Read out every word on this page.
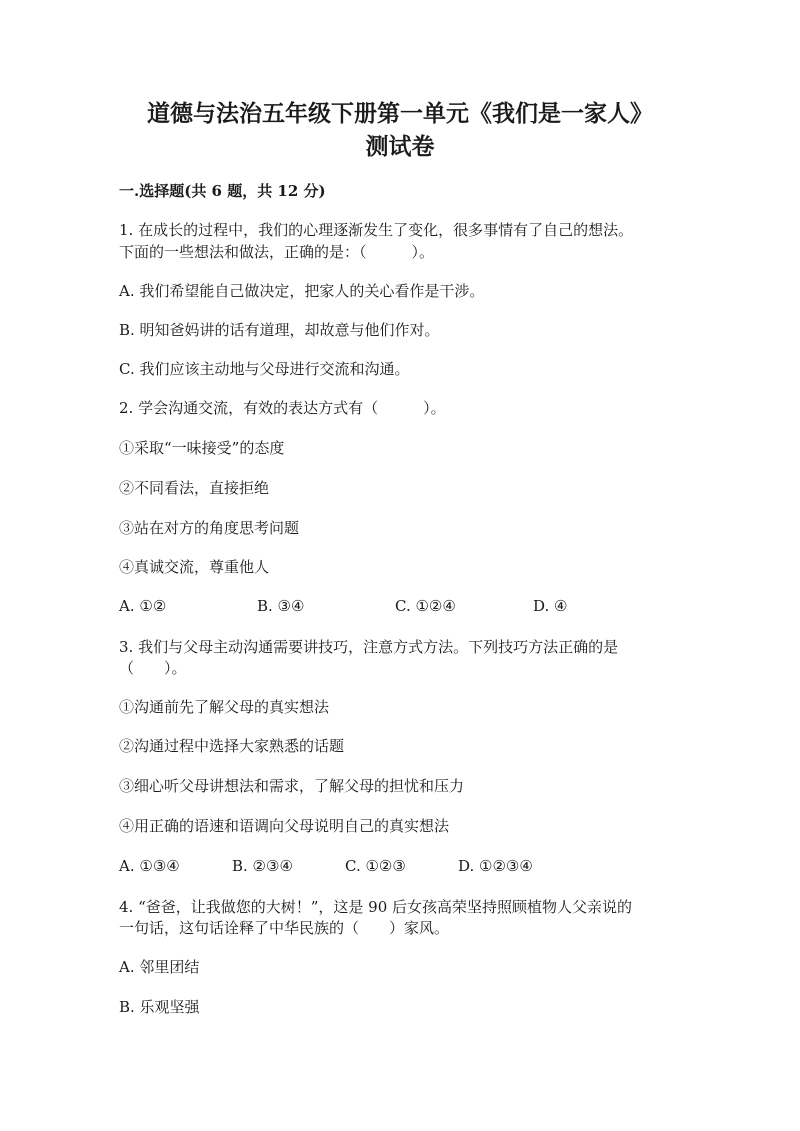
道德与法治五年级下册第一单元《我们是一家人》
测试卷
一.选择题(共 6 题，共 12 分)
1. 在成长的过程中，我们的心理逐渐发生了变化，很多事情有了自己的想法。
下面的一些想法和做法，正确的是：（　　　）。
A. 我们希望能自己做决定，把家人的关心看作是干涉。
B. 明知爸妈讲的话有道理，却故意与他们作对。
C. 我们应该主动地与父母进行交流和沟通。
2. 学会沟通交流，有效的表达方式有（　　　）。
①采取“一味接受”的态度
②不同看法，直接拒绝
③站在对方的角度思考问题
④真诚交流，尊重他人
A. ①②	B. ③④	C. ①②④	D. ④
3. 我们与父母主动沟通需要讲技巧，注意方式方法。下列技巧方法正确的是
（　　）。
①沟通前先了解父母的真实想法
②沟通过程中选择大家熟悉的话题
③细心听父母讲想法和需求，了解父母的担忧和压力
④用正确的语速和语调向父母说明自己的真实想法
A. ①③④	B. ②③④	C. ①②③	D. ①②③④
4. “爸爸，让我做您的大树！”，这是 90 后女孩高荣坚持照顾植物人父亲说的
一句话，这句话诠释了中华民族的（　　）家风。
A. 邻里团结
B. 乐观坚强
